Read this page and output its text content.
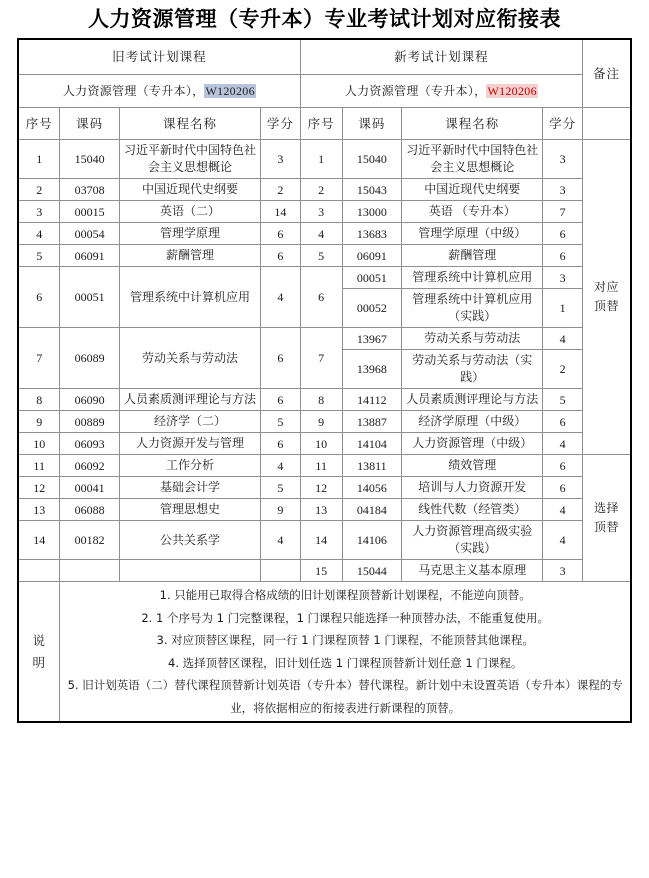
人力资源管理（专升本）专业考试计划对应衔接表
旧考试计划课程				新考试计划课程				备注
人力资源管理（专升本），W120206				人力资源管理（专升本），W120206				
序号	课码	课程名称	学分	序号	课码	课程名称	学分	
1	15040	习近平新时代中国特色社会主义思想概论	3	1	15040	习近平新时代中国特色社会主义思想概论	3	对应
顶替
2	03708	中国近现代史纲要	2	2	15043	中国近现代史纲要	3	
3	00015	英语（二）	14	3	13000	英语 （专升本）	7	
4	00054	管理学原理	6	4	13683	管理学原理（中级）	6	
5	06091	薪酬管理	6	5	06091	薪酬管理	6	
6	00051	管理系统中计算机应用	4	6	00051	管理系统中计算机应用	3	
					00052	管理系统中计算机应用（实践）	1	
7	06089	劳动关系与劳动法	6	7	13967	劳动关系与劳动法	4	
					13968	劳动关系与劳动法（实践）	2	
8	06090	人员素质测评理论与方法	6	8	14112	人员素质测评理论与方法	5	
9	00889	经济学（二）	5	9	13887	经济学原理（中级）	6	
10	06093	人力资源开发与管理	6	10	14104	人力资源管理（中级）	4	
11	06092	工作分析	4	11	13811	绩效管理	6	选择
顶替
12	00041	基础会计学	5	12	14056	培训与人力资源开发	6	
13	06088	管理思想史	9	13	04184	线性代数（经管类）	4	
14	00182	公共关系学	4	14	14106	人力资源管理高级实验（实践）	4	
				15	15044	马克思主义基本原理	3	
说
明	1. 只能用已取得合格成绩的旧计划课程顶替新计划课程，不能逆向顶替。
2. 1 个序号为 1 门完整课程，1 门课程只能选择一种顶替办法，不能重复使用。
3. 对应顶替区课程，同一行 1 门课程顶替 1 门课程，不能顶替其他课程。
4. 选择顶替区课程，旧计划任选 1 门课程顶替新计划任意 1 门课程。
5. 旧计划英语（二）替代课程顶替新计划英语（专升本）替代课程。新计划中未设置英语（专升本）课程的专业，将依据相应的衔接表进行新课程的顶替。							
